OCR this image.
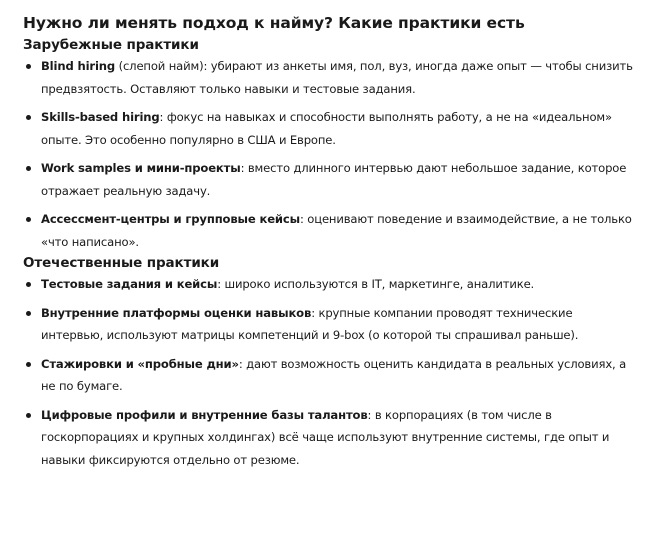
Нужно ли менять подход к найму? Какие практики есть
Зарубежные практики
Blind hiring (слепой найм): убирают из анкеты имя, пол, вуз, иногда даже опыт — чтобы снизить предвзятость. Оставляют только навыки и тестовые задания.
Skills-based hiring: фокус на навыках и способности выполнять работу, а не на «идеальном» опыте. Это особенно популярно в США и Европе.
Work samples и мини-проекты: вместо длинного интервью дают небольшое задание, которое отражает реальную задачу.
Ассессмент-центры и групповые кейсы: оценивают поведение и взаимодействие, а не только «что написано».
Отечественные практики
Тестовые задания и кейсы: широко используются в IT, маркетинге, аналитике.
Внутренние платформы оценки навыков: крупные компании проводят технические интервью, используют матрицы компетенций и 9-box (о которой ты спрашивал раньше).
Стажировки и «пробные дни»: дают возможность оценить кандидата в реальных условиях, а не по бумаге.
Цифровые профили и внутренние базы талантов: в корпорациях (в том числе в госкорпорациях и крупных холдингах) всё чаще используют внутренние системы, где опыт и навыки фиксируются отдельно от резюме.
